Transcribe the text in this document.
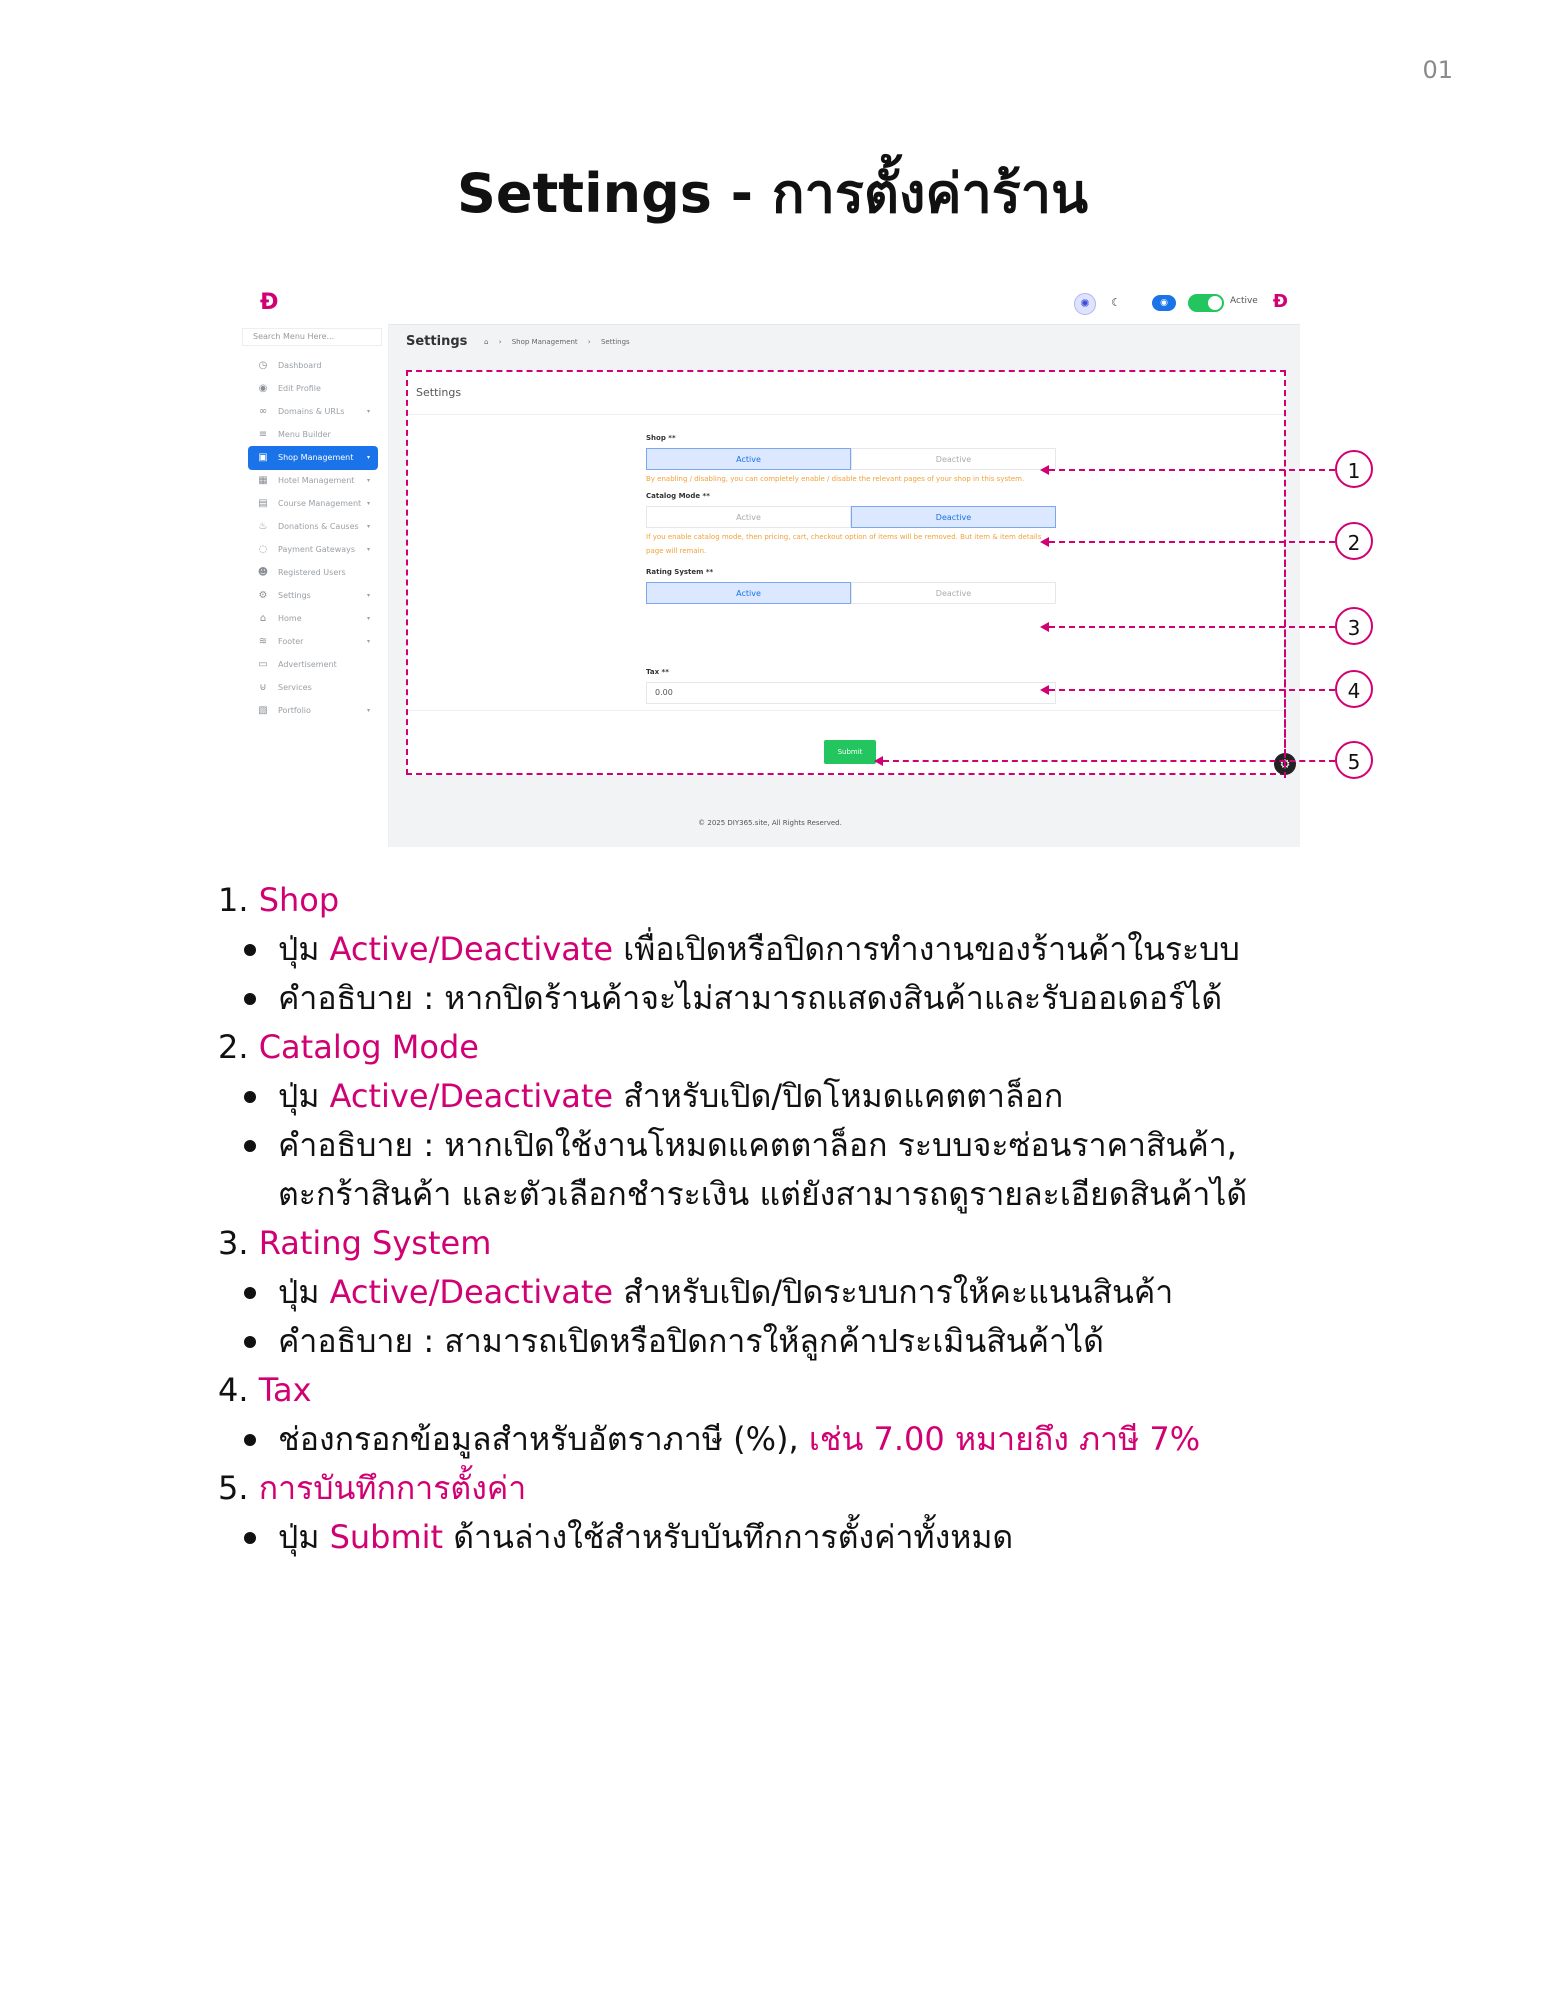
01
Settings - การตั้งค่าร้าน
Ɖ	✺	☾	◉	Active Ɖ
Search Menu Here...
◷	Dashboard
◉	Edit Profile
∞	Domains & URLs	▾
≡	Menu Builder
▣ Shop Management ▾
▦ Hotel Management ▾
▤ Course Management ▾
♨	Donations & Causes ▾
◌	Payment Gateways ▾
☻ Registered Users
⚙	Settings	▾
⌂	Home	▾
≋	Footer	▾
▭ Advertisement
⊍	Services
▧ Portfolio	▾
Settings ⌂ › Shop Management › Settings
Settings
Shop **
Active	Deactive
By enabling / disabling, you can completely enable / disable the relevant pages of your shop in this system.
Catalog Mode **
Active	Deactive
If you enable catalog mode, then pricing, cart, checkout option of items will be removed. But item & item details
page will remain.
Rating System **
Active	Deactive
Tax **
0.00
Submit
⚙
© 2025 DIY365.site, All Rights Reserved.
1
2
3
4
5

1. Shop

ปุ่ม Active/Deactivate เพื่อเปิดหรือปิดการทำงานของร้านค้าในระบบ

คำอธิบาย : หากปิดร้านค้าจะไม่สามารถแสดงสินค้าและรับออเดอร์ได้

2. Catalog Mode

ปุ่ม Active/Deactivate สำหรับเปิด/ปิดโหมดแคตตาล็อก

คำอธิบาย : หากเปิดใช้งานโหมดแคตตาล็อก ระบบจะซ่อนราคาสินค้า,
ตะกร้าสินค้า และตัวเลือกชำระเงิน แต่ยังสามารถดูรายละเอียดสินค้าได้

3. Rating System

ปุ่ม Active/Deactivate สำหรับเปิด/ปิดระบบการให้คะแนนสินค้า

คำอธิบาย : สามารถเปิดหรือปิดการให้ลูกค้าประเมินสินค้าได้

4. Tax

ช่องกรอกข้อมูลสำหรับอัตราภาษี (%), เช่น 7.00 หมายถึง ภาษี 7%

5. การบันทึกการตั้งค่า

ปุ่ม Submit ด้านล่างใช้สำหรับบันทึกการตั้งค่าทั้งหมด
